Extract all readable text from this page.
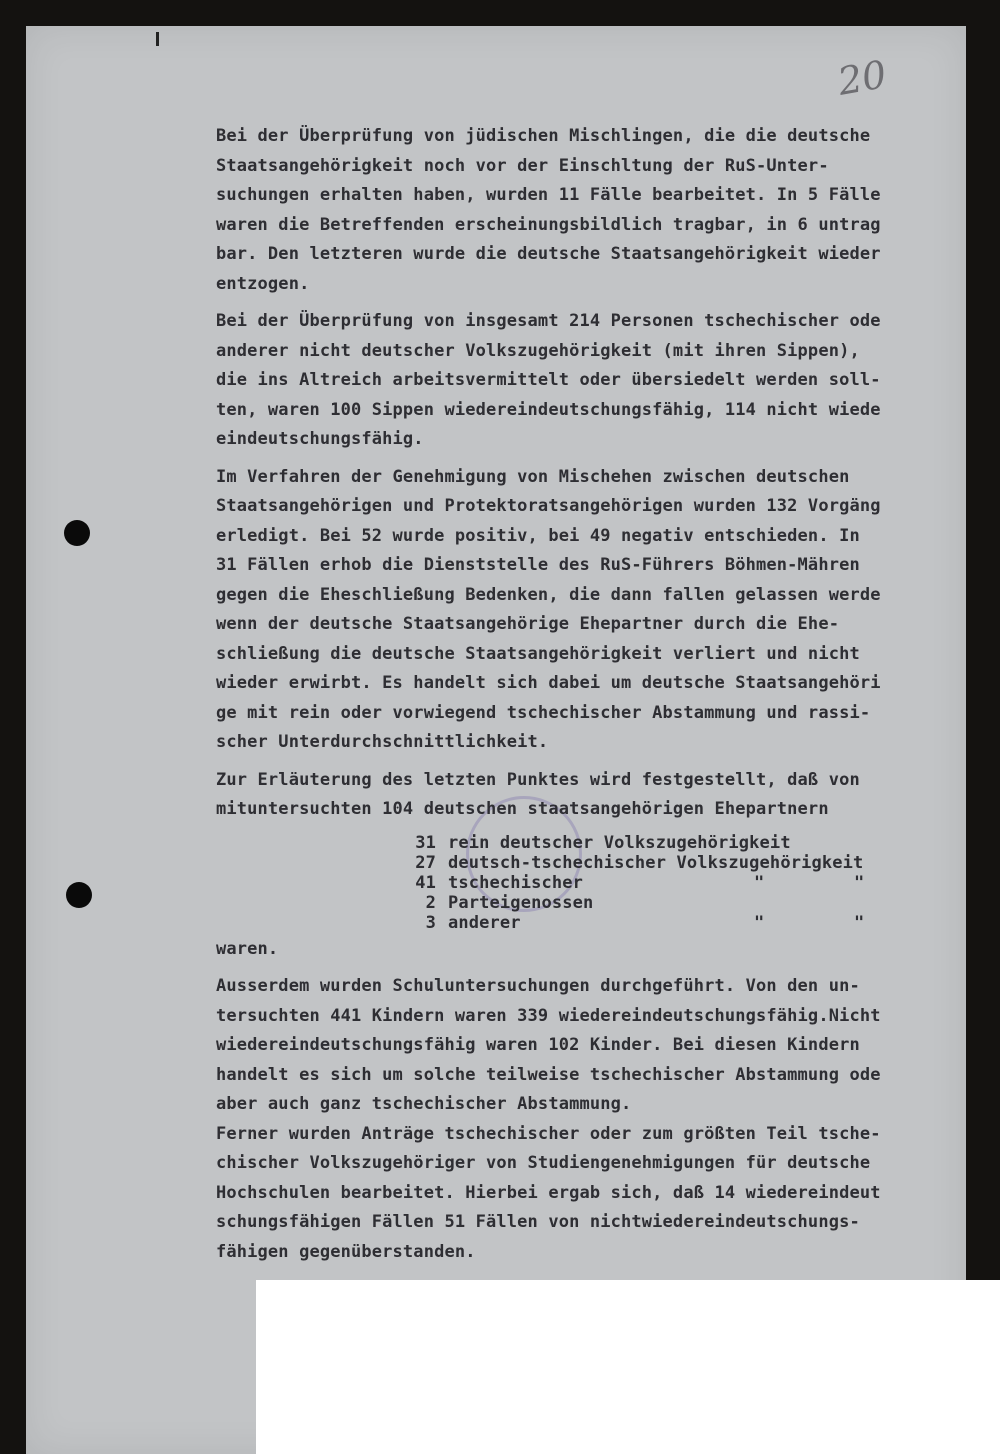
20
Bei der Überprüfung von jüdischen Mischlingen, die die deutsche
Staatsangehörigkeit noch vor der Einschltung der RuS-Unter-
suchungen erhalten haben, wurden 11 Fälle bearbeitet. In 5 Fälle
waren die Betreffenden erscheinungsbildlich tragbar, in 6 untrag
bar. Den letzteren wurde die deutsche Staatsangehörigkeit wieder
entzogen.
Bei der Überprüfung von insgesamt 214 Personen tschechischer ode
anderer nicht deutscher Volkszugehörigkeit (mit ihren Sippen),
die ins Altreich arbeitsvermittelt oder übersiedelt werden soll-
ten, waren 100 Sippen wiedereindeutschungsfähig, 114 nicht wiede
eindeutschungsfähig.
Im Verfahren der Genehmigung von Mischehen zwischen deutschen
Staatsangehörigen und Protektoratsangehörigen wurden 132 Vorgäng
erledigt. Bei 52 wurde positiv, bei 49 negativ entschieden. In
31 Fällen erhob die Dienststelle des RuS-Führers Böhmen-Mähren
gegen die Eheschließung Bedenken, die dann fallen gelassen werde
wenn der deutsche Staatsangehörige Ehepartner durch die Ehe-
schließung die deutsche Staatsangehörigkeit verliert und nicht
wieder erwirbt. Es handelt sich dabei um deutsche Staatsangehöri
ge mit rein oder vorwiegend tschechischer Abstammung und rassi-
scher Unterdurchschnittlichkeit.
Zur Erläuterung des letzten Punktes wird festgestellt, daß von
mituntersuchten 104 deutschen staatsangehörigen Ehepartnern
31 rein deutscher Volkszugehörigkeit
27 deutsch-tschechischer Volkszugehörigkeit
41 tschechischer	"	"
2 Parteigenossen
3 anderer	"	"
waren.
Ausserdem wurden Schuluntersuchungen durchgeführt. Von den un-
tersuchten 441 Kindern waren 339 wiedereindeutschungsfähig.Nicht
wiedereindeutschungsfähig waren 102 Kinder. Bei diesen Kindern
handelt es sich um solche teilweise tschechischer Abstammung ode
aber auch ganz tschechischer Abstammung.
Ferner wurden Anträge tschechischer oder zum größten Teil tsche-
chischer Volkszugehöriger von Studiengenehmigungen für deutsche
Hochschulen bearbeitet. Hierbei ergab sich, daß 14 wiedereindeut
schungsfähigen Fällen 51 Fällen von nichtwiedereindeutschungs-
fähigen gegenüberstanden.
